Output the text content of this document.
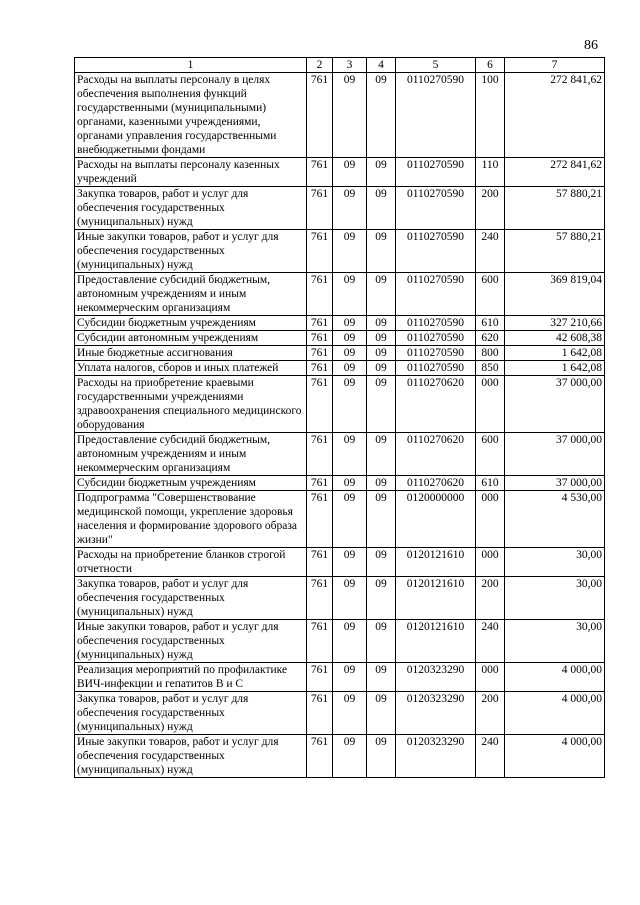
86
1	2	3	4	5	6	7
Расходы на выплаты персоналу в целях обеспечения выполнения функций государственными (муниципальными) органами, казенными учреждениями, органами управления государственными внебюджетными фондами	761	09	09	0110270590	100	272 841,62
Расходы на выплаты персоналу казенных учреждений	761	09	09	0110270590	110	272 841,62
Закупка товаров, работ и услуг для обеспечения государственных (муниципальных) нужд	761	09	09	0110270590	200	57 880,21
Иные закупки товаров, работ и услуг для обеспечения государственных (муниципальных) нужд	761	09	09	0110270590	240	57 880,21
Предоставление субсидий бюджетным, автономным учреждениям и иным некоммерческим организациям	761	09	09	0110270590	600	369 819,04
Субсидии бюджетным учреждениям	761	09	09	0110270590	610	327 210,66
Субсидии автономным учреждениям	761	09	09	0110270590	620	42 608,38
Иные бюджетные ассигнования	761	09	09	0110270590	800	1 642,08
Уплата налогов, сборов и иных платежей	761	09	09	0110270590	850	1 642,08
Расходы на приобретение краевыми государственными учреждениями здравоохранения специального медицинского оборудования	761	09	09	0110270620	000	37 000,00
Предоставление субсидий бюджетным, автономным учреждениям и иным некоммерческим организациям	761	09	09	0110270620	600	37 000,00
Субсидии бюджетным учреждениям	761	09	09	0110270620	610	37 000,00
Подпрограмма "Совершенствование медицинской помощи, укрепление здоровья населения и формирование здорового образа жизни"	761	09	09	0120000000	000	4 530,00
Расходы на приобретение бланков строгой отчетности	761	09	09	0120121610	000	30,00
Закупка товаров, работ и услуг для обеспечения государственных (муниципальных) нужд	761	09	09	0120121610	200	30,00
Иные закупки товаров, работ и услуг для обеспечения государственных (муниципальных) нужд	761	09	09	0120121610	240	30,00
Реализация мероприятий по профилактике ВИЧ-инфекции и гепатитов В и С	761	09	09	0120323290	000	4 000,00
Закупка товаров, работ и услуг для обеспечения государственных (муниципальных) нужд	761	09	09	0120323290	200	4 000,00
Иные закупки товаров, работ и услуг для обеспечения государственных (муниципальных) нужд	761	09	09	0120323290	240	4 000,00
